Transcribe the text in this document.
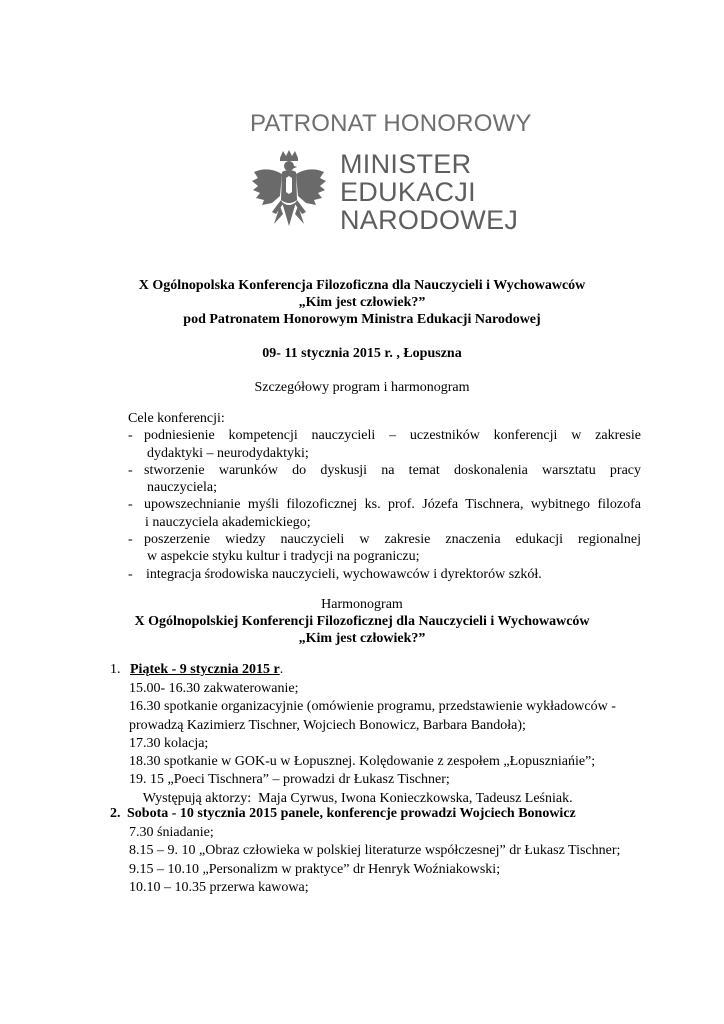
PATRONAT HONOROWY
MINISTER
EDUKACJI
NARODOWEJ
X Ogólnopolska Konferencja Filozoficzna dla Nauczycieli i Wychowawców
„Kim jest człowiek?”
pod Patronatem Honorowym Ministra Edukacji Narodowej
09- 11 stycznia 2015 r. , Łopuszna
Szczegółowy program i harmonogram
Cele konferencji:
- podniesienie kompetencji nauczycieli – uczestników konferencji w zakresie
dydaktyki – neurodydaktyki;
- stworzenie warunków do dyskusji na temat doskonalenia warsztatu pracy
nauczyciela;
- upowszechnianie myśli filozoficznej ks. prof. Józefa Tischnera, wybitnego filozofa
i nauczyciela akademickiego;
- poszerzenie wiedzy nauczycieli w zakresie znaczenia edukacji regionalnej
w aspekcie styku kultur i tradycji na pograniczu;
- integracja środowiska nauczycieli, wychowawców i dyrektorów szkół.
Harmonogram
X Ogólnopolskiej Konferencji Filozoficznej dla Nauczycieli i Wychowawców
„Kim jest człowiek?”
1. Piątek - 9 stycznia 2015 r.
15.00- 16.30 zakwaterowanie;
16.30 spotkanie organizacyjnie (omówienie programu, przedstawienie wykładowców -
prowadzą Kazimierz Tischner, Wojciech Bonowicz, Barbara Bandoła);
17.30 kolacja;
18.30 spotkanie w GOK-u w Łopusznej. Kolędowanie z zespołem „Łopuszniańie”;
19. 15 „Poeci Tischnera” – prowadzi dr Łukasz Tischner;
Występują aktorzy:  Maja Cyrwus, Iwona Konieczkowska, Tadeusz Leśniak.
2. Sobota - 10 stycznia 2015 panele, konferencje prowadzi Wojciech Bonowicz
7.30 śniadanie;
8.15 – 9. 10 „Obraz człowieka w polskiej literaturze współczesnej” dr Łukasz Tischner;
9.15 – 10.10 „Personalizm w praktyce” dr Henryk Woźniakowski;
10.10 – 10.35 przerwa kawowa;
